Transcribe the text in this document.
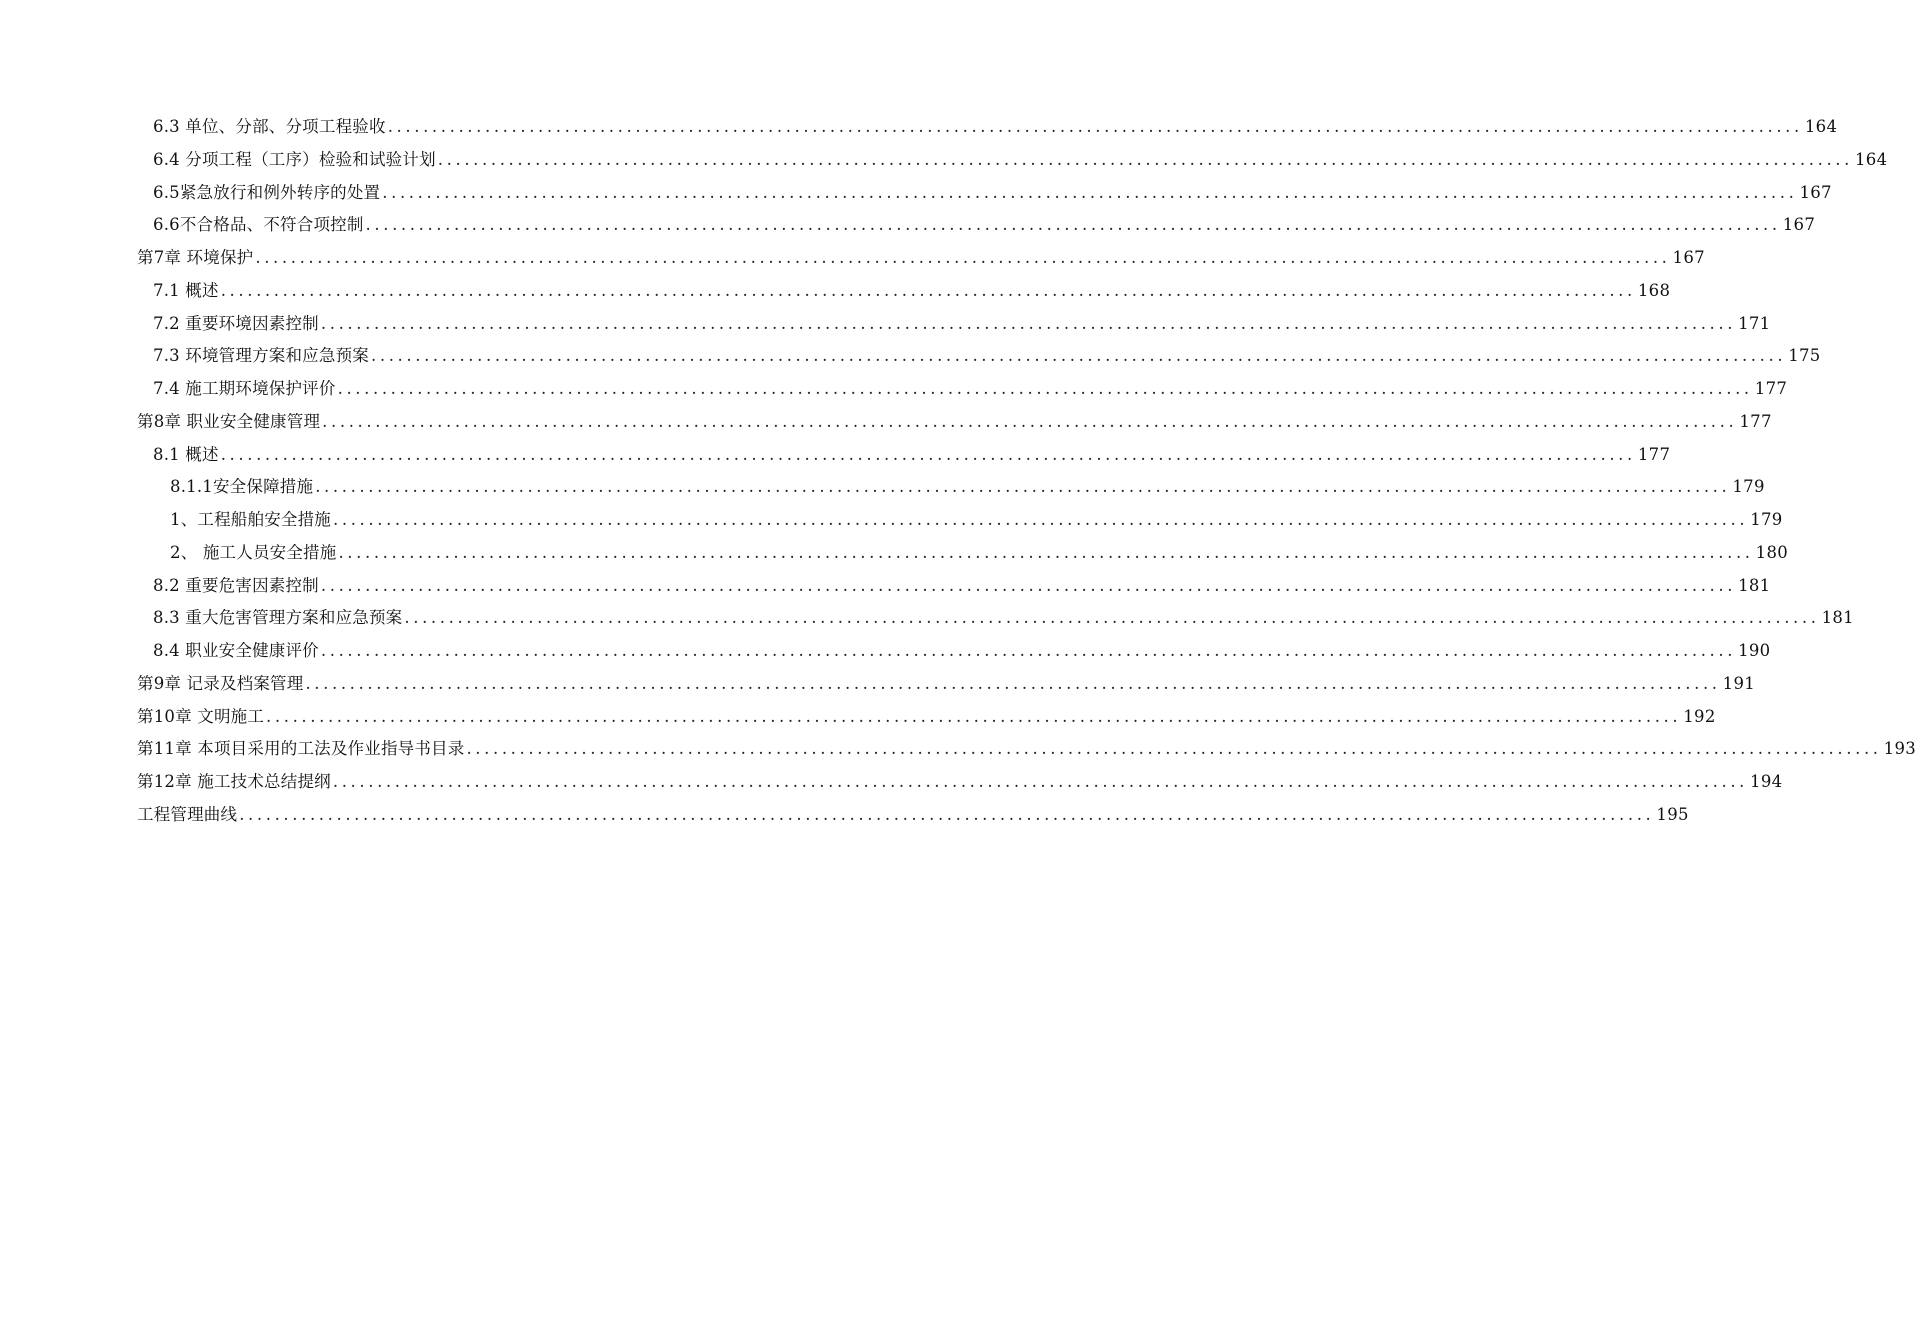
6.3 单位、分部、分项工程验收 ................................................................................................................................................................ 164
6.4 分项工程（工序）检验和试验计划 ................................................................................................................................................................ 164
6.5紧急放行和例外转序的处置 ................................................................................................................................................................ 167
6.6不合格品、不符合项控制 ................................................................................................................................................................ 167
第7章 环境保护 ................................................................................................................................................................ 167
7.1 概述 ................................................................................................................................................................ 168
7.2 重要环境因素控制 ................................................................................................................................................................ 171
7.3 环境管理方案和应急预案 ................................................................................................................................................................ 175
7.4 施工期环境保护评价 ................................................................................................................................................................ 177
第8章 职业安全健康管理 ................................................................................................................................................................ 177
8.1 概述 ................................................................................................................................................................ 177
8.1.1安全保障措施 ................................................................................................................................................................ 179
1、工程船舶安全措施 ................................................................................................................................................................ 179
2、 施工人员安全措施 ................................................................................................................................................................ 180
8.2 重要危害因素控制 ................................................................................................................................................................ 181
8.3 重大危害管理方案和应急预案 ................................................................................................................................................................ 181
8.4 职业安全健康评价 ................................................................................................................................................................ 190
第9章 记录及档案管理 ................................................................................................................................................................ 191
第10章 文明施工 ................................................................................................................................................................ 192
第11章 本项目采用的工法及作业指导书目录 ................................................................................................................................................................ 193
第12章 施工技术总结提纲 ................................................................................................................................................................ 194
工程管理曲线 ................................................................................................................................................................ 195
